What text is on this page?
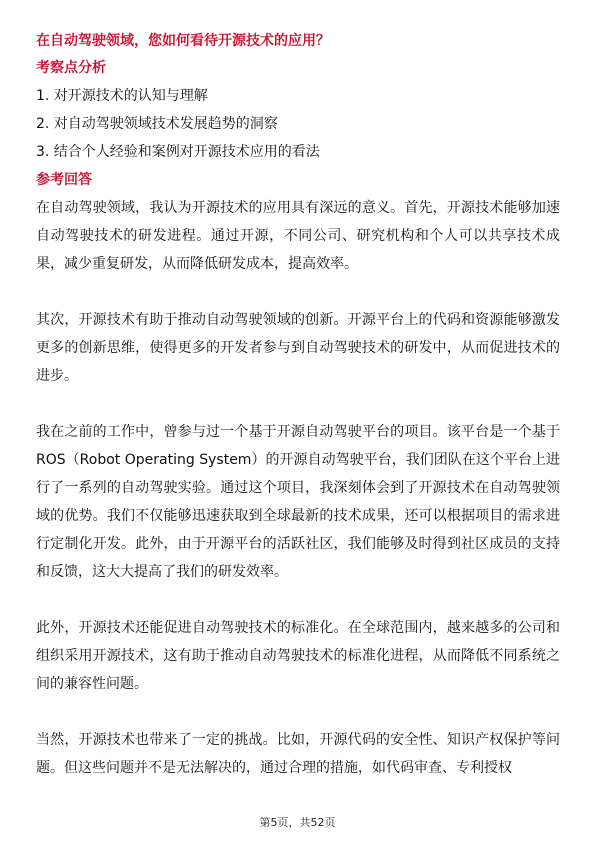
在自动驾驶领域，您如何看待开源技术的应用？
考察点分析
1. 对开源技术的认知与理解
2. 对自动驾驶领域技术发展趋势的洞察
3. 结合个人经验和案例对开源技术应用的看法
参考回答

在自动驾驶领域，我认为开源技术的应用具有深远的意义。首先，开源技术能够加速自动驾驶技术的研发进程。通过开源，不同公司、研究机构和个人可以共享技术成果，减少重复研发，从而降低研发成本，提高效率。

其次，开源技术有助于推动自动驾驶领域的创新。开源平台上的代码和资源能够激发更多的创新思维，使得更多的开发者参与到自动驾驶技术的研发中，从而促进技术的进步。

我在之前的工作中，曾参与过一个基于开源自动驾驶平台的项目。该平台是一个基于ROS（Robot Operating System）的开源自动驾驶平台，我们团队在这个平台上进行了一系列的自动驾驶实验。通过这个项目，我深刻体会到了开源技术在自动驾驶领域的优势。我们不仅能够迅速获取到全球最新的技术成果，还可以根据项目的需求进行定制化开发。此外，由于开源平台的活跃社区，我们能够及时得到社区成员的支持和反馈，这大大提高了我们的研发效率。

此外，开源技术还能促进自动驾驶技术的标准化。在全球范围内，越来越多的公司和组织采用开源技术，这有助于推动自动驾驶技术的标准化进程，从而降低不同系统之间的兼容性问题。

当然，开源技术也带来了一定的挑战。比如，开源代码的安全性、知识产权保护等问题。但这些问题并不是无法解决的，通过合理的措施，如代码审查、专利授权

第5页，共52页
